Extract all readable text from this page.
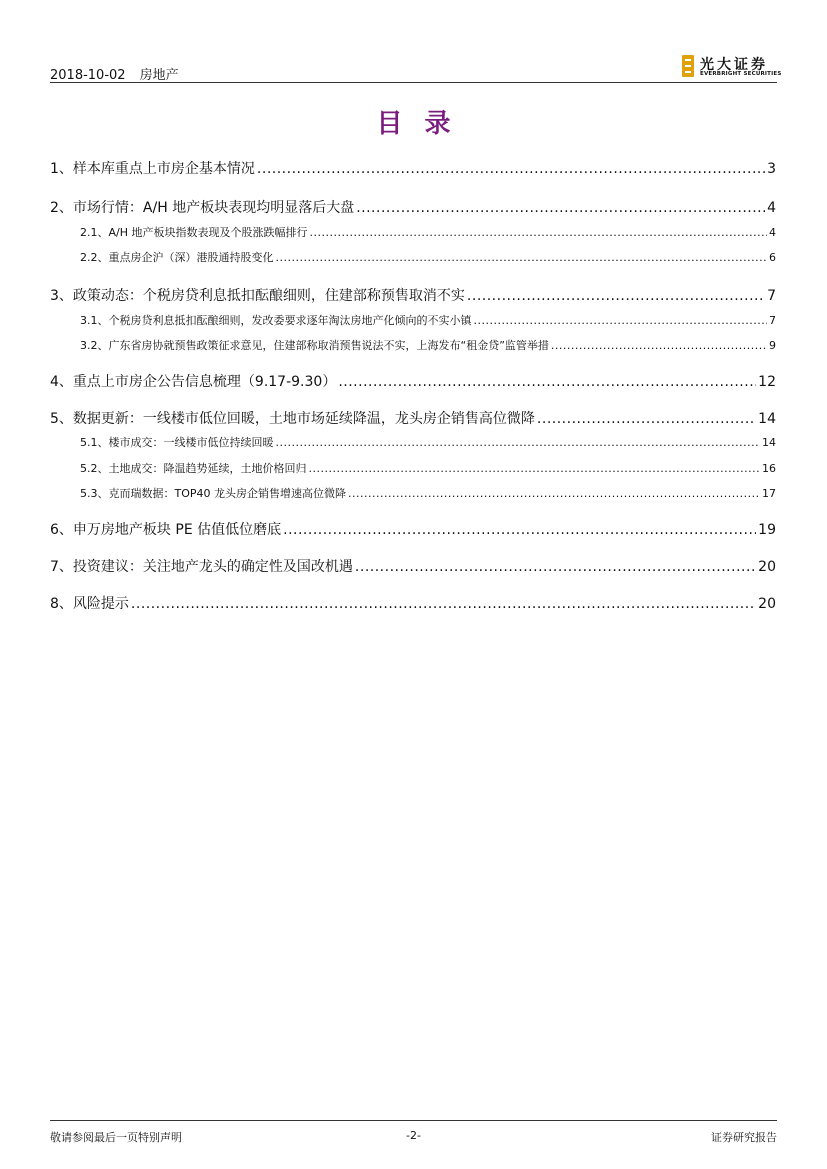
2018-10-02 房地产
光大证券
EVERBRIGHT SECURITIES
目录
1、 样本库重点上市房企基本情况 .....	3
2、 市场行情：A/H 地产板块表现均明显落后大盘 .....	4
2.1、 A/H 地产板块指数表现及个股涨跌幅排行 .....	4
2.2、 重点房企沪（深）港股通持股变化 .....	6
3、 政策动态：个税房贷利息抵扣酝酿细则，住建部称预售取消不实 .....	7
3.1、 个税房贷利息抵扣酝酿细则，发改委要求逐年淘汰房地产化倾向的不实小镇 .....	7
3.2、 广东省房协就预售政策征求意见，住建部称取消预售说法不实，上海发布“租金贷”监管举措 .....	9
4、 重点上市房企公告信息梳理（9.17-9.30） .....	12
5、 数据更新：一线楼市低位回暖，土地市场延续降温，龙头房企销售高位微降 .....	14
5.1、 楼市成交：一线楼市低位持续回暖 .....	14
5.2、 土地成交：降温趋势延续，土地价格回归 .....	16
5.3、 克而瑞数据：TOP40 龙头房企销售增速高位微降 .....	17
6、 申万房地产板块 PE 估值低位磨底 .....	19
7、 投资建议：关注地产龙头的确定性及国改机遇 .....	20
8、 风险提示 .....	20
敬请参阅最后一页特别声明	-2-	证券研究报告
